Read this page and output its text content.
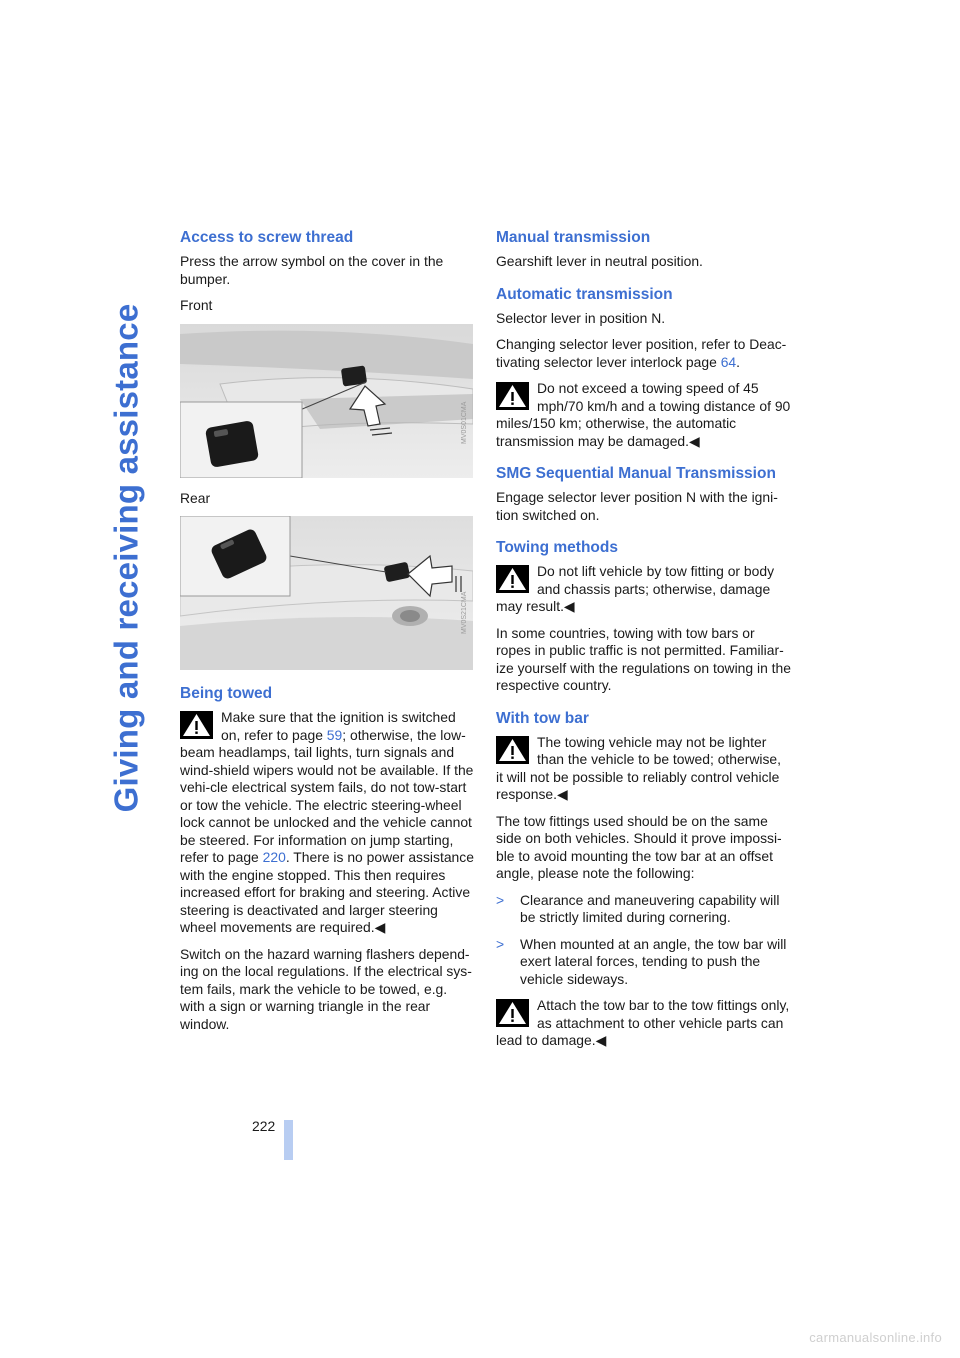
Giving and receiving assistance
Access to screw thread

Press the arrow symbol on the cover in the bumper.

Front

MV0S01CMA

Rear

MV0S21CMA
Being towed

Make sure that the ignition is switched on, refer to page 59; otherwise, the low-beam headlamps, tail lights, turn signals and wind-shield wipers would not be available. If the vehi-cle electrical system fails, do not tow-start or tow the vehicle. The electric steering-wheel lock cannot be unlocked and the vehicle cannot be steered. For information on jump starting, refer to page 220. There is no power assistance with the engine stopped. This then requires increased effort for braking and steering. Active steering is deactivated and larger steering wheel movements are required.◀

Switch on the hazard warning flashers depend-ing on the local regulations. If the electrical sys-tem fails, mark the vehicle to be towed, e.g. with a sign or warning triangle in the rear window.

Manual transmission

Gearshift lever in neutral position.

Automatic transmission

Selector lever in position N.

Changing selector lever position, refer to Deac-tivating selector lever interlock page 64.

Do not exceed a towing speed of 45 mph/70 km/h and a towing distance of 90 miles/150 km; otherwise, the automatic transmission may be damaged.◀

SMG Sequential Manual Transmission

Engage selector lever position N with the igni-tion switched on.

Towing methods

Do not lift vehicle by tow fitting or body and chassis parts; otherwise, damage may result.◀

In some countries, towing with tow bars or ropes in public traffic is not permitted. Familiar-ize yourself with the regulations on towing in the respective country.

With tow bar

The towing vehicle may not be lighter than the vehicle to be towed; otherwise, it will not be possible to reliably control vehicle response.◀

The tow fittings used should be on the same side on both vehicles. Should it prove impossi-ble to avoid mounting the tow bar at an offset angle, please note the following:

>	Clearance and maneuvering capability will be strictly limited during cornering.
>	When mounted at an angle, the tow bar will exert lateral forces, tending to push the vehicle sideways.

Attach the tow bar to the tow fittings only, as attachment to other vehicle parts can lead to damage.◀

222
carmanualsonline.info
